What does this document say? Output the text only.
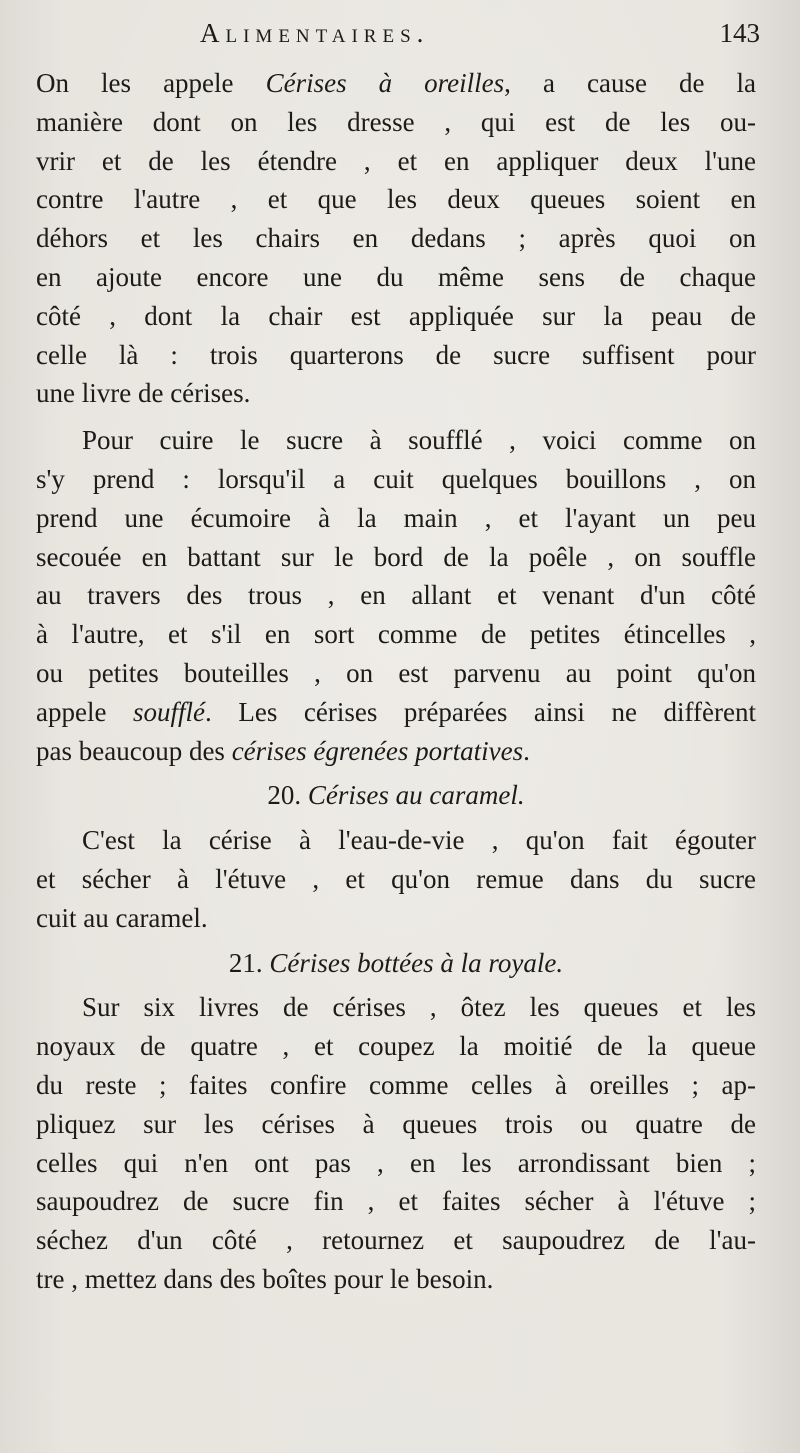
Alimentaires.	143
On les appele Cérises à oreilles, a cause de la
manière dont on les dresse , qui est de les ou-
vrir et de les étendre , et en appliquer deux l'une
contre l'autre , et que les deux queues soient en
déhors et les chairs en dedans ; après quoi on
en ajoute encore une du même sens de chaque
côté , dont la chair est appliquée sur la peau de
celle là : trois quarterons de sucre suffisent pour
une livre de cérises.
Pour cuire le sucre à soufflé , voici comme on
s'y prend : lorsqu'il a cuit quelques bouillons , on
prend une écumoire à la main , et l'ayant un peu
secouée en battant sur le bord de la poêle , on souffle
au travers des trous , en allant et venant d'un côté
à l'autre, et s'il en sort comme de petites étincelles ,
ou petites bouteilles , on est parvenu au point qu'on
appele soufflé. Les cérises préparées ainsi ne diffèrent
pas beaucoup des cérises égrenées portatives.
20. Cérises au caramel.
C'est la cérise à l'eau-de-vie , qu'on fait égouter
et sécher à l'étuve , et qu'on remue dans du sucre
cuit au caramel.
21. Cérises bottées à la royale.
Sur six livres de cérises , ôtez les queues et les
noyaux de quatre , et coupez la moitié de la queue
du reste ; faites confire comme celles à oreilles ; ap-
pliquez sur les cérises à queues trois ou quatre de
celles qui n'en ont pas , en les arrondissant bien ;
saupoudrez de sucre fin , et faites sécher à l'étuve ;
séchez d'un côté , retournez et saupoudrez de l'au-
tre , mettez dans des boîtes pour le besoin.
